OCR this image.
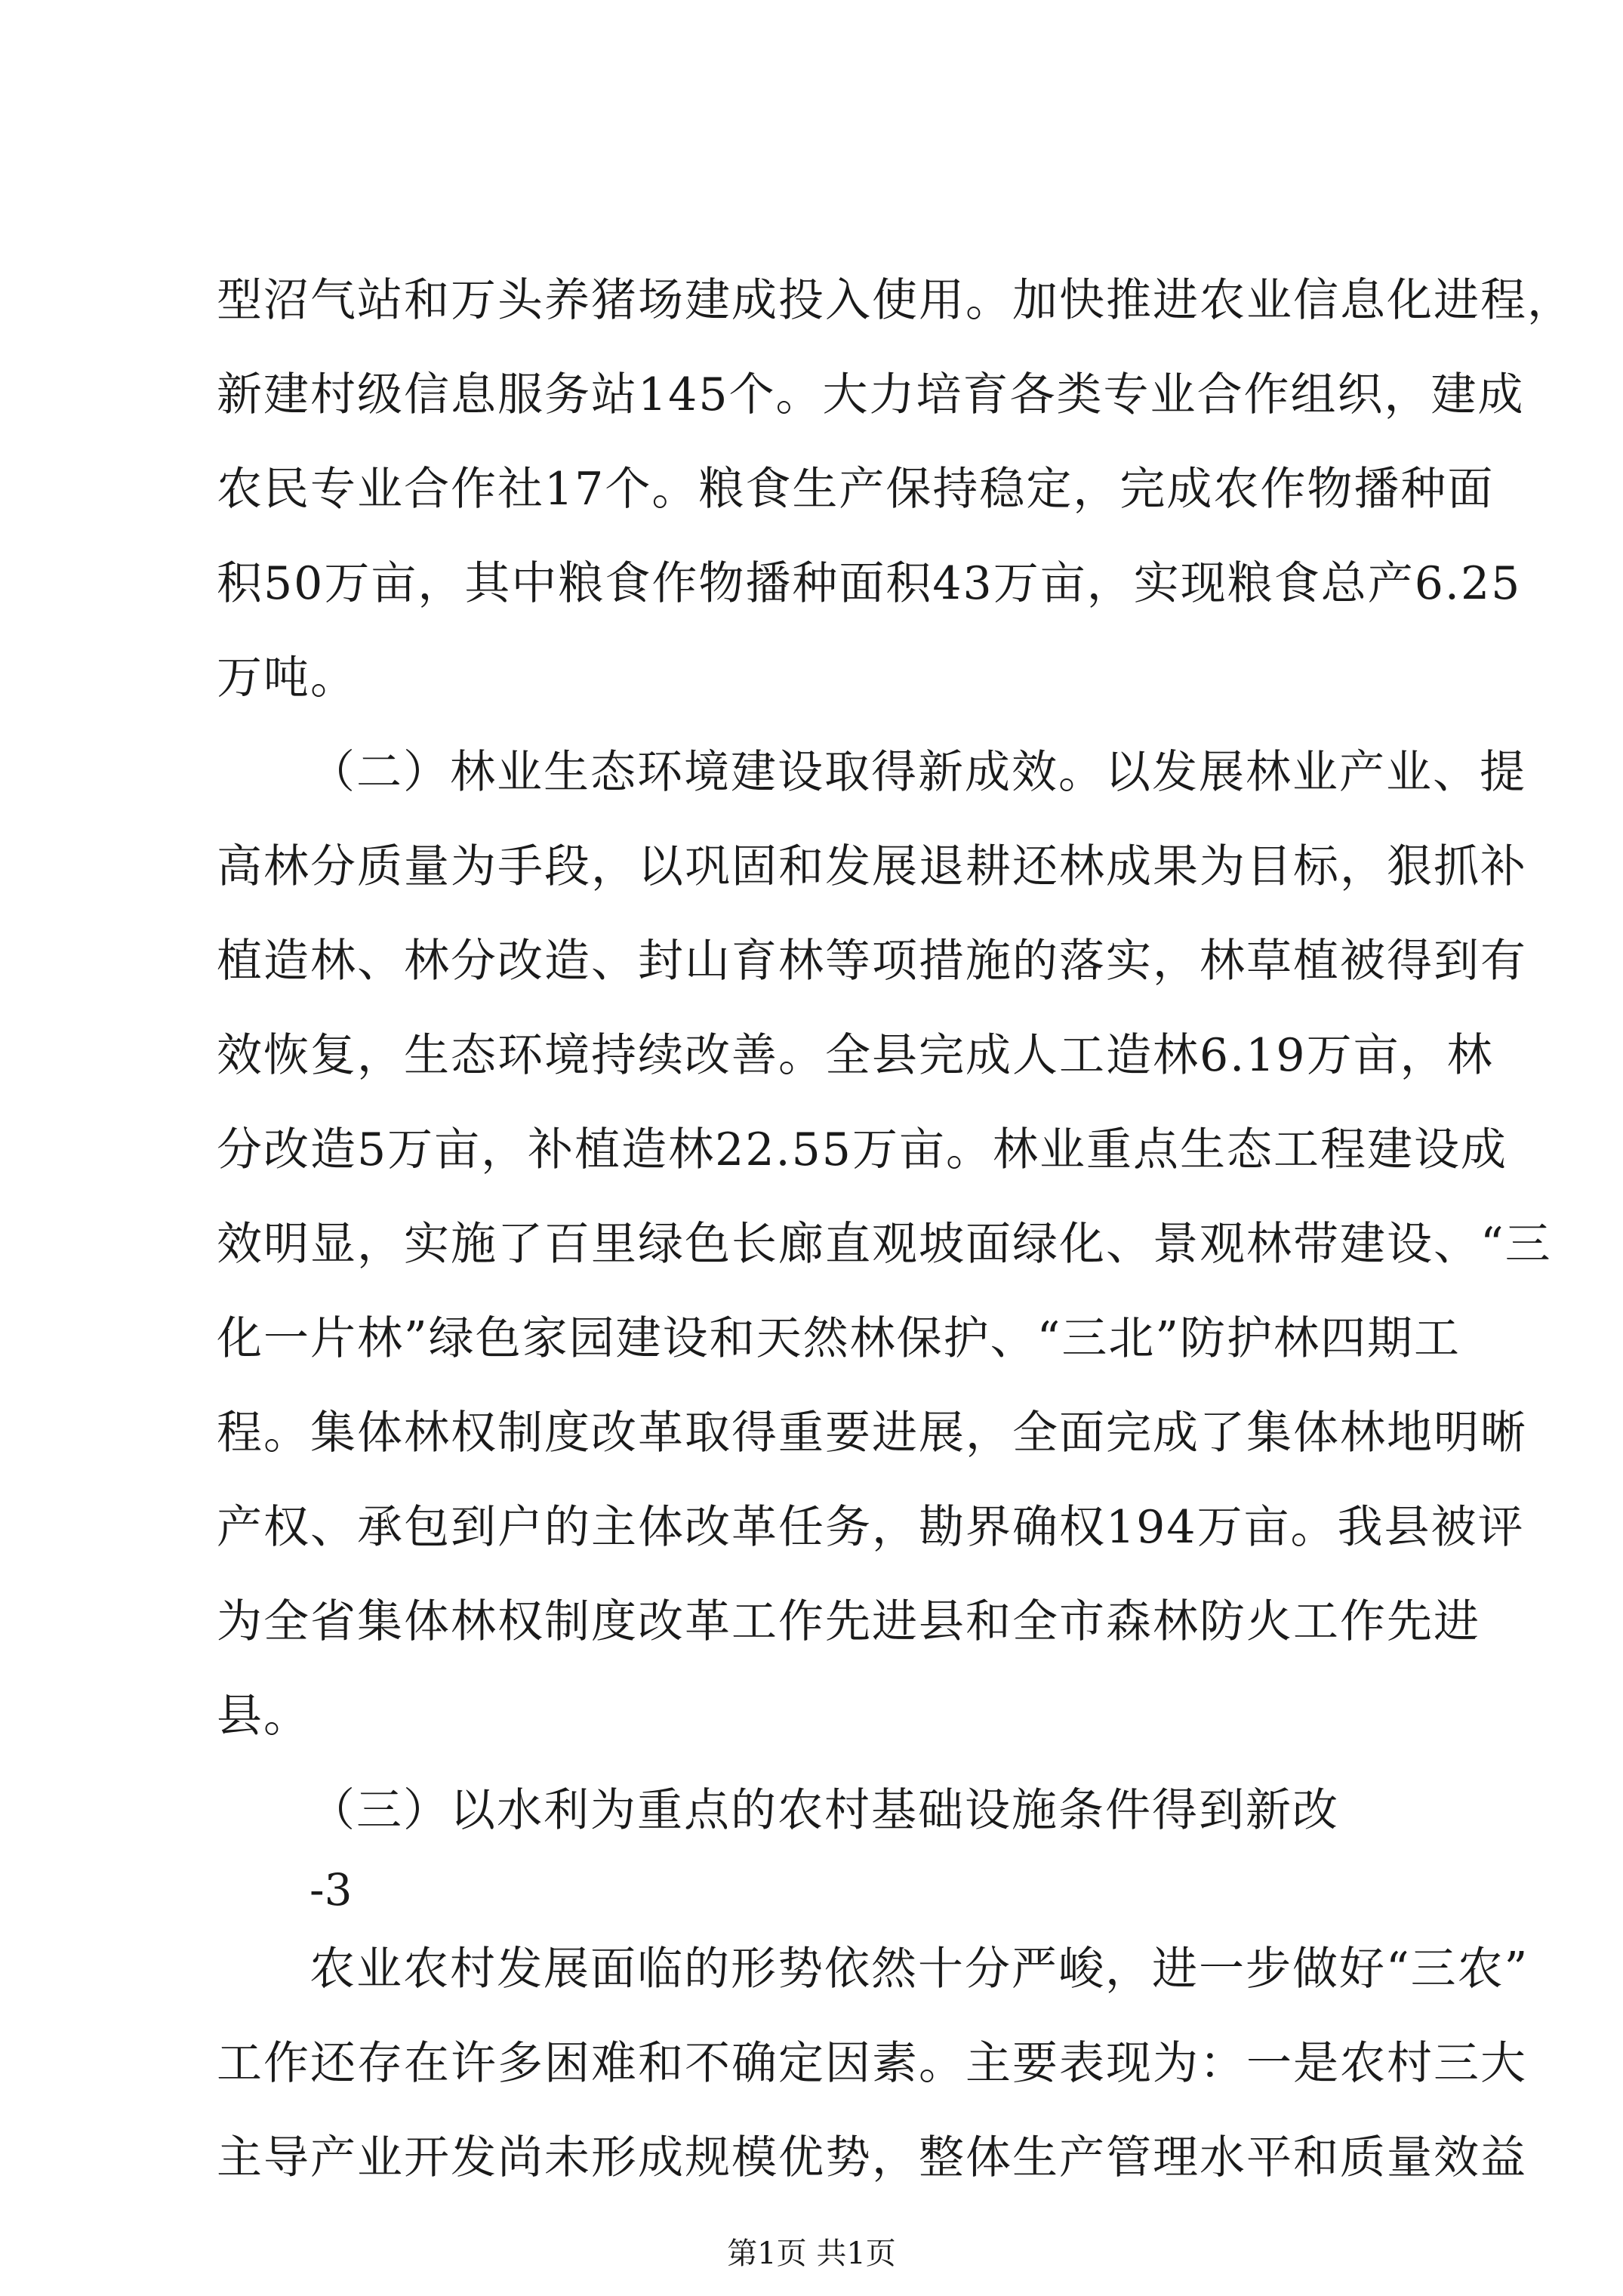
型沼气站和万头养猪场建成投入使用。加快推进农业信息化进程，
新建村级信息服务站145个。大力培育各类专业合作组织，建成
农民专业合作社17个。粮食生产保持稳定，完成农作物播种面
积50万亩，其中粮食作物播种面积43万亩，实现粮食总产6.25
万吨。
（二）林业生态环境建设取得新成效。以发展林业产业、提
高林分质量为手段，以巩固和发展退耕还林成果为目标，狠抓补
植造林、林分改造、封山育林等项措施的落实，林草植被得到有
效恢复，生态环境持续改善。全县完成人工造林6.19万亩，林
分改造5万亩，补植造林22.55万亩。林业重点生态工程建设成
效明显，实施了百里绿色长廊直观坡面绿化、景观林带建设、“三
化一片林”绿色家园建设和天然林保护、“三北”防护林四期工
程。集体林权制度改革取得重要进展，全面完成了集体林地明晰
产权、承包到户的主体改革任务，勘界确权194万亩。我县被评
为全省集体林权制度改革工作先进县和全市森林防火工作先进
县。
（三）以水利为重点的农村基础设施条件得到新改
-3
农业农村发展面临的形势依然十分严峻，进一步做好“三农”
工作还存在许多困难和不确定因素。主要表现为：一是农村三大
主导产业开发尚未形成规模优势，整体生产管理水平和质量效益
第1页 共1页
